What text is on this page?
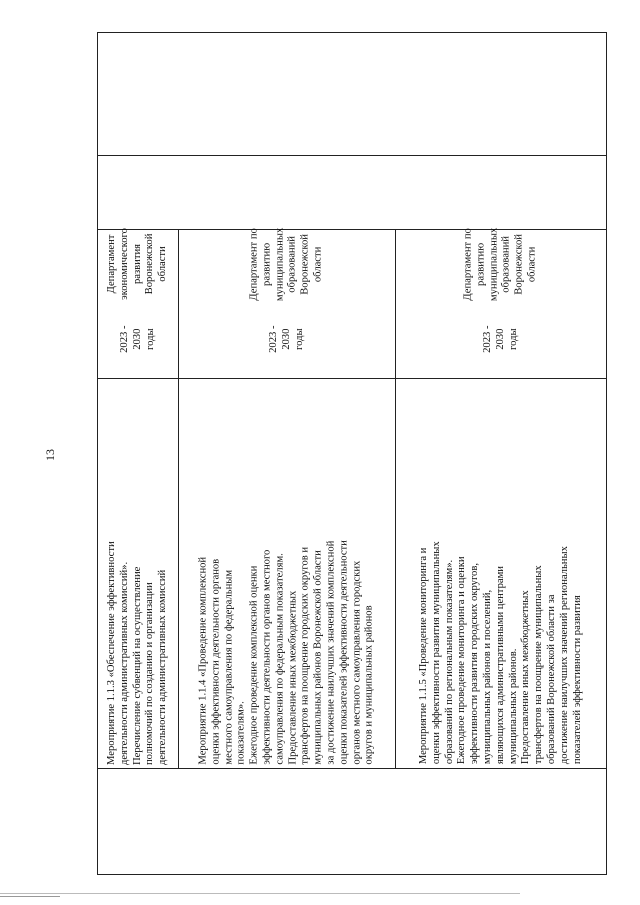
13
Мероприятие 1.1.3 «Обеспечение эффективности
деятельности административных комиссий».
Перечисление субвенций на осуществление
полномочий по созданию и организации
деятельности административных комиссий
2023 -
2030
годы
Департамент
экономического
развития
Воронежской
области
Мероприятие 1.1.4 «Проведение комплексной
оценки эффективности деятельности органов
местного самоуправления по федеральным
показателям».
Ежегодное проведение комплексной оценки
эффективности деятельности органов местного
самоуправления по федеральным показателям.
Предоставление иных межбюджетных
трансфертов на поощрение городских округов и
муниципальных районов Воронежской области
за достижение наилучших значений комплексной
оценки показателей эффективности деятельности
органов местного самоуправления городских
округов и муниципальных районов
2023 -
2030
годы
Департамент по
развитию
муниципальных
образований
Воронежской
области
Мероприятие 1.1.5 «Проведение мониторинга и
оценки эффективности развития муниципальных
образований по региональным показателям».
Ежегодное проведение мониторинга и оценки
эффективности развития городских округов,
муниципальных районов и поселений,
являющихся административными центрами
муниципальных районов.
Предоставление иных межбюджетных
трансфертов на поощрение муниципальных
образований Воронежской области за
достижение наилучших значений региональных
показателей эффективности развития
2023 -
2030
годы
Департамент по
развитию
муниципальных
образований
Воронежской
области
